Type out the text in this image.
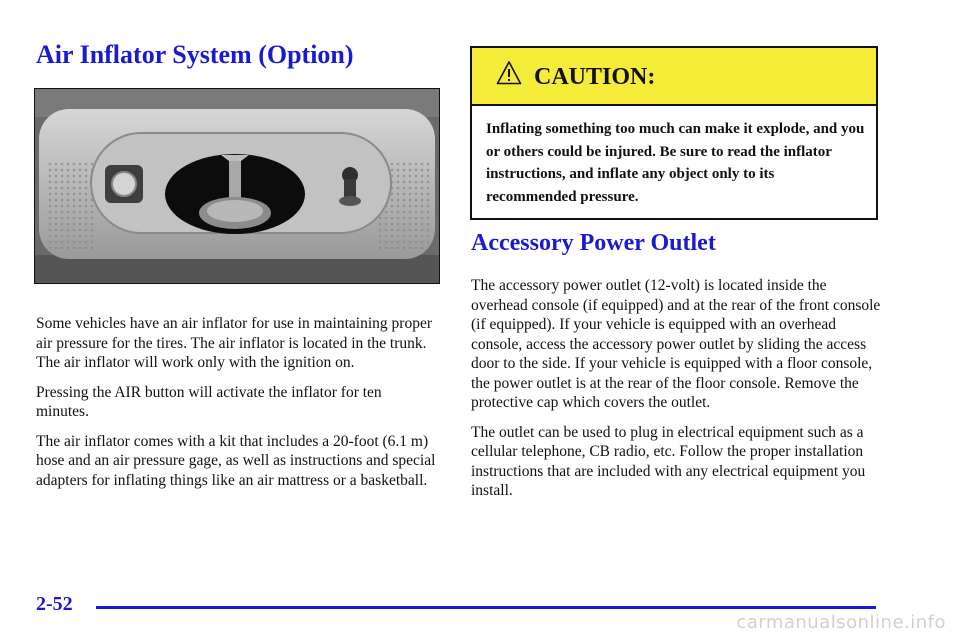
Air Inflator System (Option)

Some vehicles have an air inflator for use in maintaining proper air pressure for the tires. The air inflator is located in the trunk. The air inflator will work only with the ignition on.

Pressing the AIR button will activate the inflator for ten minutes.

The air inflator comes with a kit that includes a 20-foot (6.1 m) hose and an air pressure gage, as well as instructions and special adapters for inflating things like an air mattress or a basketball.

CAUTION:
Inflating something too much can make it explode, and you or others could be injured. Be sure to read the inflator instructions, and inflate any object only to its recommended pressure.
Accessory Power Outlet

The accessory power outlet (12-volt) is located inside the overhead console (if equipped) and at the rear of the front console (if equipped). If your vehicle is equipped with an overhead console, access the accessory power outlet by sliding the access door to the side. If your vehicle is equipped with a floor console, the power outlet is at the rear of the floor console. Remove the protective cap which covers the outlet.

The outlet can be used to plug in electrical equipment such as a cellular telephone, CB radio, etc. Follow the proper installation instructions that are included with any electrical equipment you install.

2-52
carmanualsonline.info
